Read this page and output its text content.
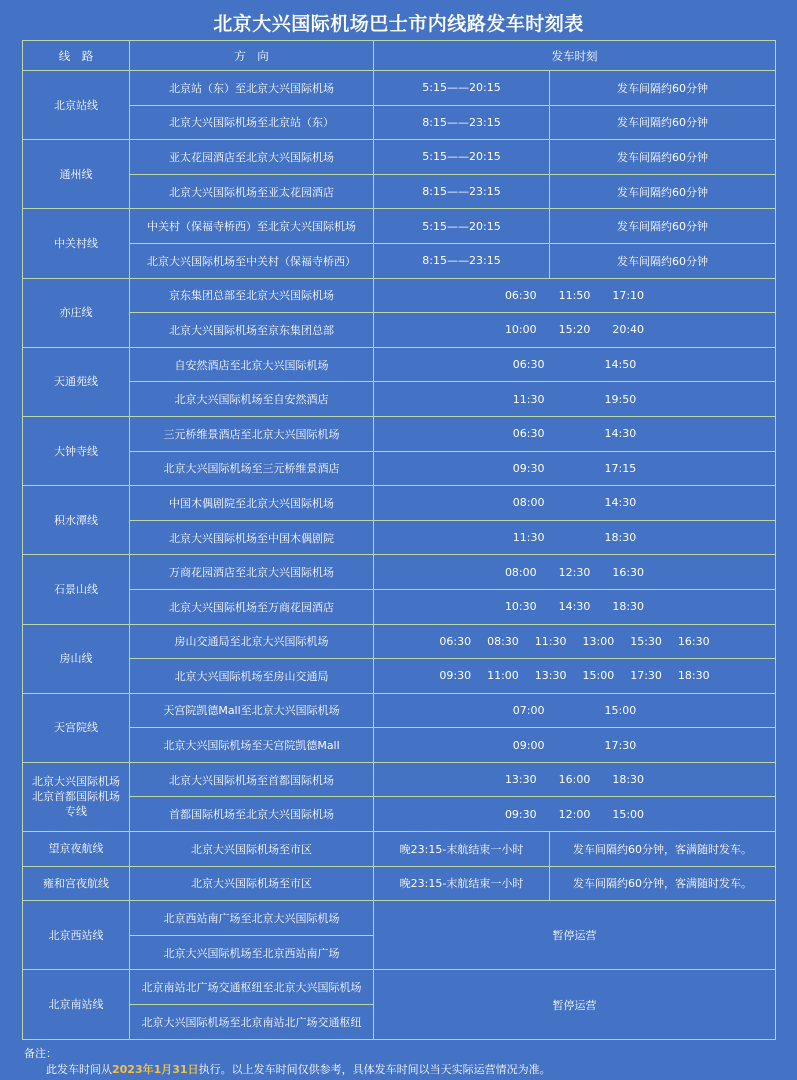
北京大兴国际机场巴士市内线路发车时刻表
线　路	方　向	发车时刻	
北京站线	北京站（东）至北京大兴国际机场	5:15——20:15	发车间隔约60分钟
	北京大兴国际机场至北京站（东）	8:15——23:15	发车间隔约60分钟
通州线	亚太花园酒店至北京大兴国际机场	5:15——20:15	发车间隔约60分钟
	北京大兴国际机场至亚太花园酒店	8:15——23:15	发车间隔约60分钟
中关村线	中关村（保福寺桥西）至北京大兴国际机场	5:15——20:15	发车间隔约60分钟
	北京大兴国际机场至中关村（保福寺桥西）	8:15——23:15	发车间隔约60分钟
亦庄线	京东集团总部至北京大兴国际机场	06:30 11:50 17:10	
	北京大兴国际机场至京东集团总部	10:00 15:20 20:40	
天通苑线	自安然酒店至北京大兴国际机场	06:30 14:50	
	北京大兴国际机场至自安然酒店	11:30 19:50	
大钟寺线	三元桥维景酒店至北京大兴国际机场	06:30 14:30	
	北京大兴国际机场至三元桥维景酒店	09:30 17:15	
积水潭线	中国木偶剧院至北京大兴国际机场	08:00 14:30	
	北京大兴国际机场至中国木偶剧院	11:30 18:30	
石景山线	万商花园酒店至北京大兴国际机场	08:00 12:30 16:30	
	北京大兴国际机场至万商花园酒店	10:30 14:30 18:30	
房山线	房山交通局至北京大兴国际机场	06:30 08:30 11:30 13:00 15:30 16:30	
	北京大兴国际机场至房山交通局	09:30 11:00 13:30 15:00 17:30 18:30	
天宫院线	天宫院凯德Mall至北京大兴国际机场	07:00 15:00	
	北京大兴国际机场至天宫院凯德Mall	09:00 17:30	

北京大兴国际机场
北京首都国际机场
专线	北京大兴国际机场至首都国际机场	13:30 16:00 18:30	
	首都国际机场至北京大兴国际机场	09:30 12:00 15:00	
望京夜航线	北京大兴国际机场至市区	晚23:15-末航结束一小时	发车间隔约60分钟，客满随时发车。
雍和宫夜航线	北京大兴国际机场至市区	晚23:15-末航结束一小时	发车间隔约60分钟，客满随时发车。
北京西站线	北京西站南广场至北京大兴国际机场	暂停运营	
	北京大兴国际机场至北京西站南广场		
北京南站线	北京南站北广场交通枢纽至北京大兴国际机场	暂停运营	
	北京大兴国际机场至北京南站北广场交通枢纽		
备注：
此发车时间从2023年1月31日执行。以上发车时间仅供参考，具体发车时间以当天实际运营情况为准。
